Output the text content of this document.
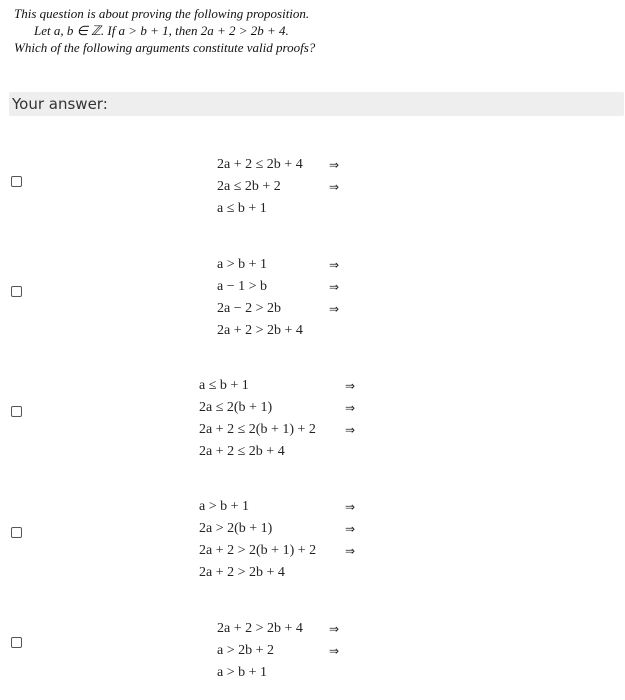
This question is about proving the following proposition.
Let a, b ∈ ℤ. If a > b + 1, then 2a + 2 > 2b + 4.
Which of the following arguments constitute valid proofs?
Your answer:
2a + 2 ≤ 2b + 4 ⇒
2a ≤ 2b + 2	⇒
a ≤ b + 1
a > b + 1	⇒
a − 1 > b	⇒
2a − 2 > 2b	⇒
2a + 2 > 2b + 4
a ≤ b + 1	⇒
2a ≤ 2(b + 1)	⇒
2a + 2 ≤ 2(b + 1) + 2 ⇒
2a + 2 ≤ 2b + 4
a > b + 1	⇒
2a > 2(b + 1)	⇒
2a + 2 > 2(b + 1) + 2 ⇒
2a + 2 > 2b + 4
2a + 2 > 2b + 4 ⇒
a > 2b + 2	⇒
a > b + 1
